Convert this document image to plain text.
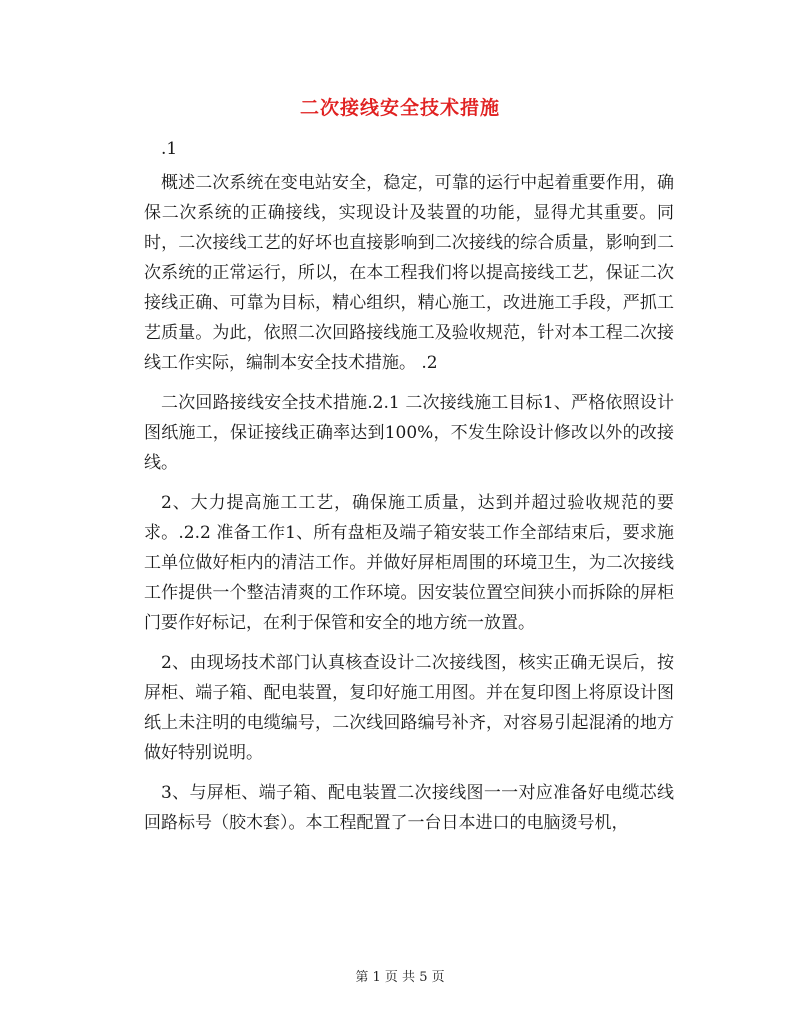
二次接线安全技术措施

.1

概述二次系统在变电站安全，稳定，可靠的运行中起着重要作用，确保二次系统的正确接线，实现设计及装置的功能，显得尤其重要。同时，二次接线工艺的好坏也直接影响到二次接线的综合质量，影响到二次系统的正常运行，所以，在本工程我们将以提高接线工艺，保证二次接线正确、可靠为目标，精心组织，精心施工，改进施工手段，严抓工艺质量。为此，依照二次回路接线施工及验收规范，针对本工程二次接线工作实际，编制本安全技术措施。 .2

二次回路接线安全技术措施.2.1 二次接线施工目标1、严格依照设计图纸施工，保证接线正确率达到100%，不发生除设计修改以外的改接线。

2、大力提高施工工艺，确保施工质量，达到并超过验收规范的要求。.2.2 准备工作1、所有盘柜及端子箱安装工作全部结束后，要求施工单位做好柜内的清洁工作。并做好屏柜周围的环境卫生，为二次接线工作提供一个整洁清爽的工作环境。因安装位置空间狭小而拆除的屏柜门要作好标记，在利于保管和安全的地方统一放置。

2、由现场技术部门认真核查设计二次接线图，核实正确无误后，按屏柜、端子箱、配电装置，复印好施工用图。并在复印图上将原设计图纸上未注明的电缆编号，二次线回路编号补齐，对容易引起混淆的地方做好特别说明。

3、与屏柜、端子箱、配电装置二次接线图一一对应准备好电缆芯线回路标号（胶木套）。本工程配置了一台日本进口的电脑烫号机，

第 1 页 共 5 页
